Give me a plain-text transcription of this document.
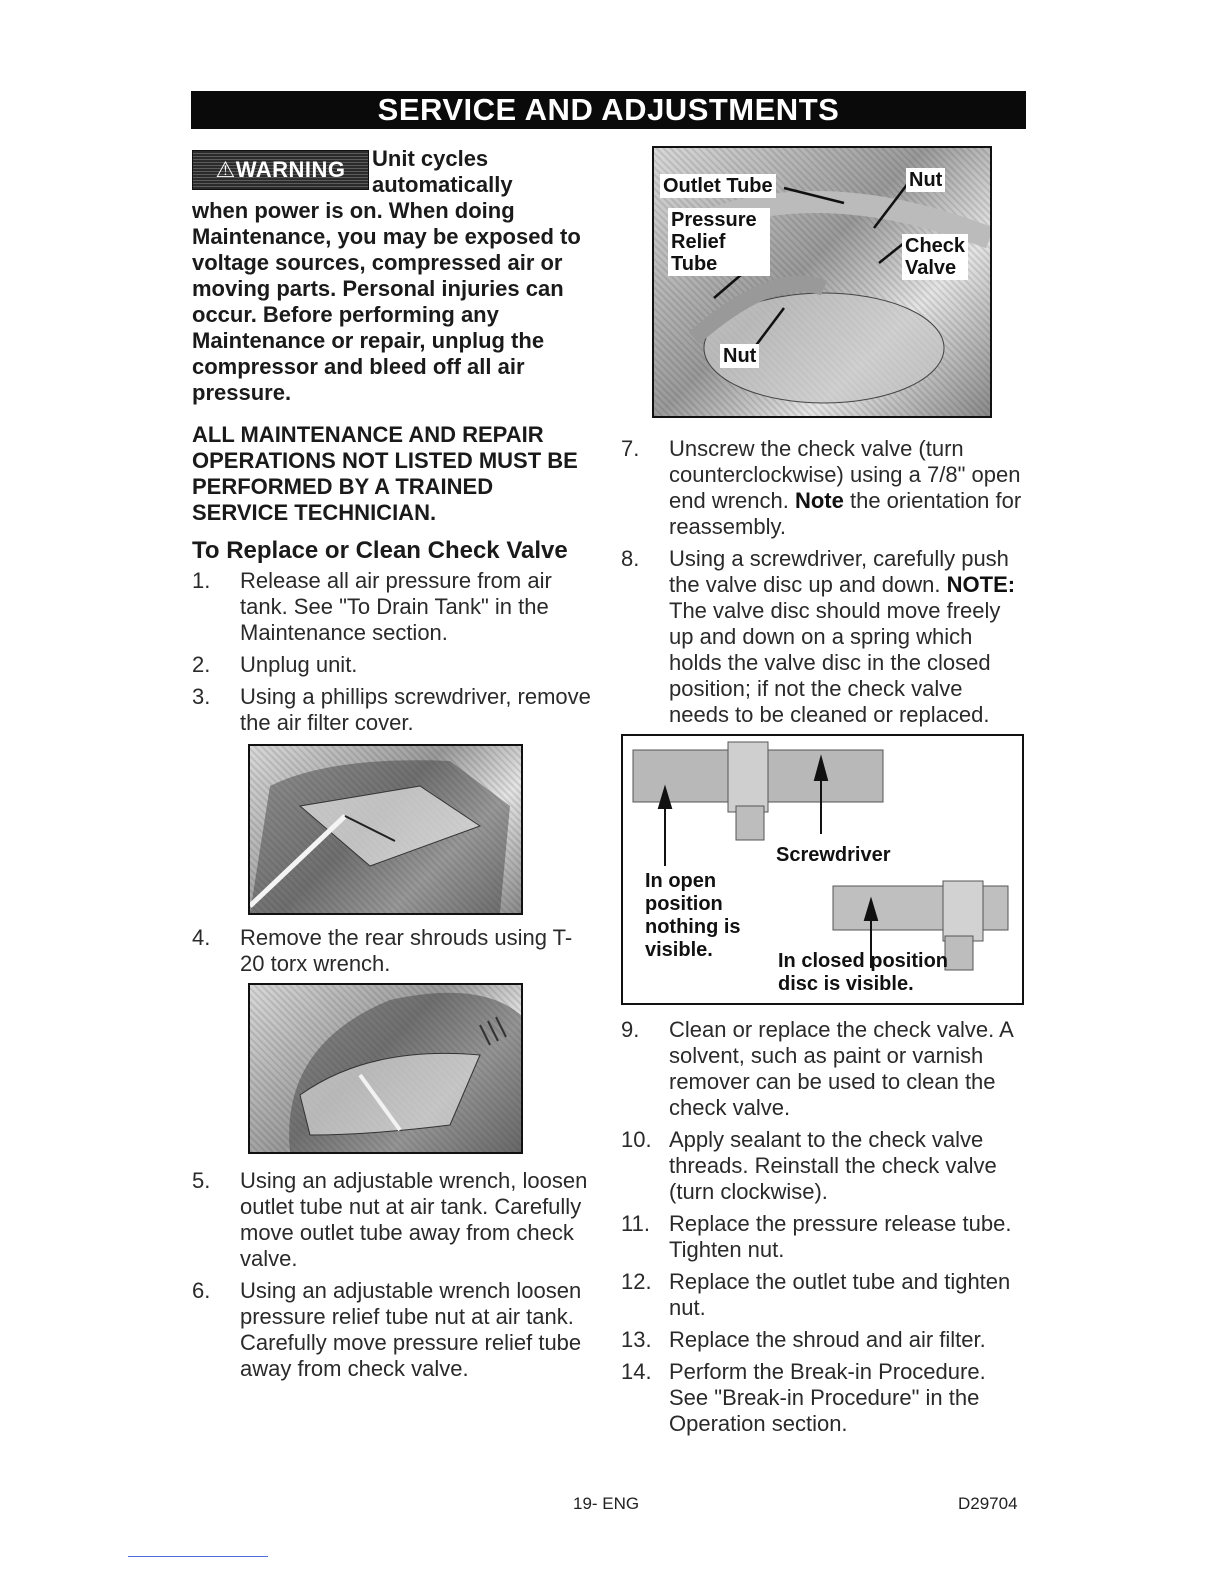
SERVICE AND ADJUSTMENTS
⚠WARNING	Unit cycles automatically
when power is on. When doing Maintenance, you may be exposed to voltage sources, compressed air or moving parts. Personal injuries can occur. Before performing any Maintenance or repair, unplug the compressor and bleed off all air pressure.
ALL MAINTENANCE AND REPAIR OPERATIONS NOT LISTED MUST BE PERFORMED BY A TRAINED SERVICE TECHNICIAN.
To Replace or Clean Check Valve
1. Release all air pressure from air tank. See "To Drain Tank" in the Maintenance section.
2. Unplug unit.
3. Using a phillips screwdriver, remove the air filter cover.
4. Remove the rear shrouds using T-20 torx wrench.
5. Using an adjustable wrench, loosen outlet tube nut at air tank. Carefully move outlet tube away from check valve.
6. Using an adjustable wrench loosen pressure relief tube nut at air tank. Carefully move pressure relief tube away from check valve.
Outlet Tube	Nut
Pressure
Relief
Tube
Check
Valve
Nut
7. Unscrew the check valve (turn counterclockwise) using a 7/8" open end wrench. Note the orientation for reassembly.
8. Using a screwdriver, carefully push the valve disc up and down. NOTE: The valve disc should move freely up and down on a spring which holds the valve disc in the closed position; if not the check valve needs to be cleaned or replaced.
Screwdriver
In open
position
nothing is
visible.	In closed position
disc is visible.
9. Clean or replace the check valve. A solvent, such as paint or varnish remover can be used to clean the check valve.
10. Apply sealant to the check valve threads. Reinstall the check valve (turn clockwise).
11. Replace the pressure release tube. Tighten nut.
12. Replace the outlet tube and tighten nut.
13. Replace the shroud and air filter.
14. Perform the Break-in Procedure. See "Break-in Procedure" in the Operation section.
19- ENG	D29704
